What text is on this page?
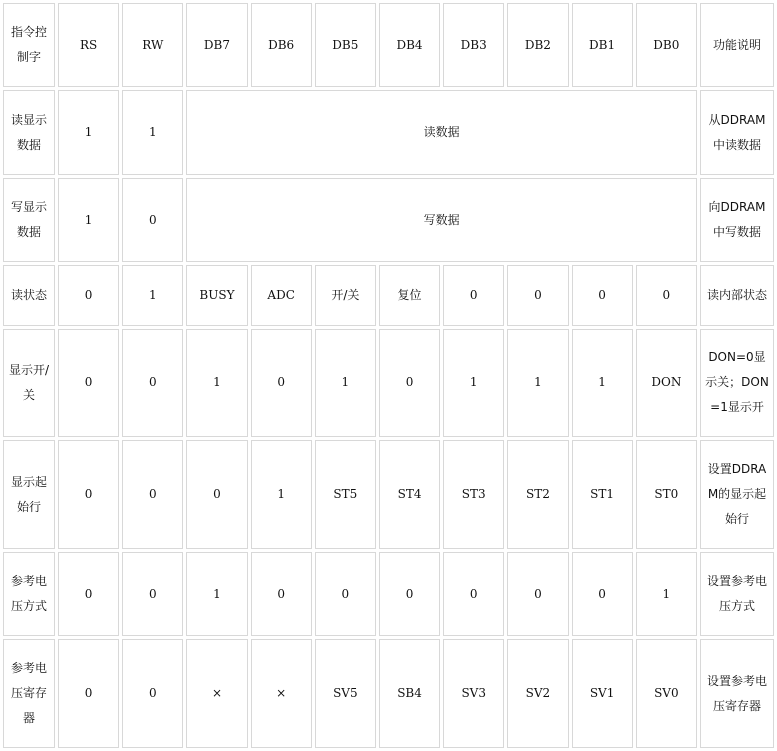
指令控制字	RS	RW	DB7	DB6	DB5	DB4	DB3	DB2	DB1	DB0	功能说明
读显示数据	1	1	读数据								从DDRAM中读数据
写显示数据	1	0	写数据								向DDRAM中写数据
读状态	0	1	BUSY	ADC	开/关	复位	0	0	0	0	读内部状态
显示开/关	0	0	1	0	1	0	1	1	1	DON	DON=0显示关；DON=1显示开
显示起始行	0	0	0	1	ST5	ST4	ST3	ST2	ST1	ST0	设置DDRAM的显示起始行
参考电压方式	0	0	1	0	0	0	0	0	0	1	设置参考电压方式
参考电压寄存器	0	0	×	×	SV5	SB4	SV3	SV2	SV1	SV0	设置参考电压寄存器
